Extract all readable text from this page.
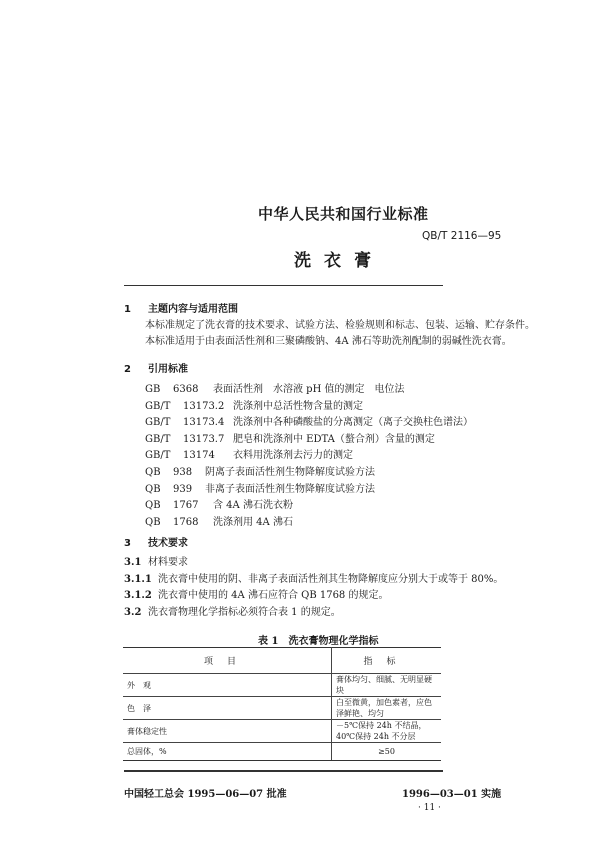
中华人民共和国行业标准
QB/T 2116—95
洗衣膏
1 主题内容与适用范围
本标准规定了洗衣膏的技术要求、试验方法、检验规则和标志、包装、运输、贮存条件。
本标准适用于由表面活性剂和三聚磷酸钠、4A 沸石等助洗剂配制的弱碱性洗衣膏。
2 引用标准
GB 6368 表面活性剂　水溶液 pH 值的测定　电位法
GB/T 13173.2 洗涤剂中总活性物含量的测定
GB/T 13173.4 洗涤剂中各种磷酸盐的分离测定（离子交换柱色谱法）
GB/T 13173.7 肥皂和洗涤剂中 EDTA（螯合剂）含量的测定
GB/T 13174 衣料用洗涤剂去污力的测定
QB 938 阴离子表面活性剂生物降解度试验方法
QB 939 非离子表面活性剂生物降解度试验方法
QB 1767 含 4A 沸石洗衣粉
QB 1768 洗涤剂用 4A 沸石
3 技术要求
3.1 材料要求
3.1.1 洗衣膏中使用的阴、非离子表面活性剂其生物降解度应分别大于或等于 80%。
3.1.2 洗衣膏中使用的 4A 沸石应符合 QB 1768 的规定。
3.2 洗衣膏物理化学指标必须符合表 1 的规定。
表 1　洗衣膏物理化学指标
项目	指标
外　观	膏体均匀、细腻、无明显硬块
色　泽	白至微黄，加色素者，应色泽鲜艳、均匀
膏体稳定性	－5℃保持 24h 不结晶，40℃保持 24h 不分层
总固体，%	≥50
中国轻工总会 1995—06—07 批准	1996—03—01 实施
· 11 ·
